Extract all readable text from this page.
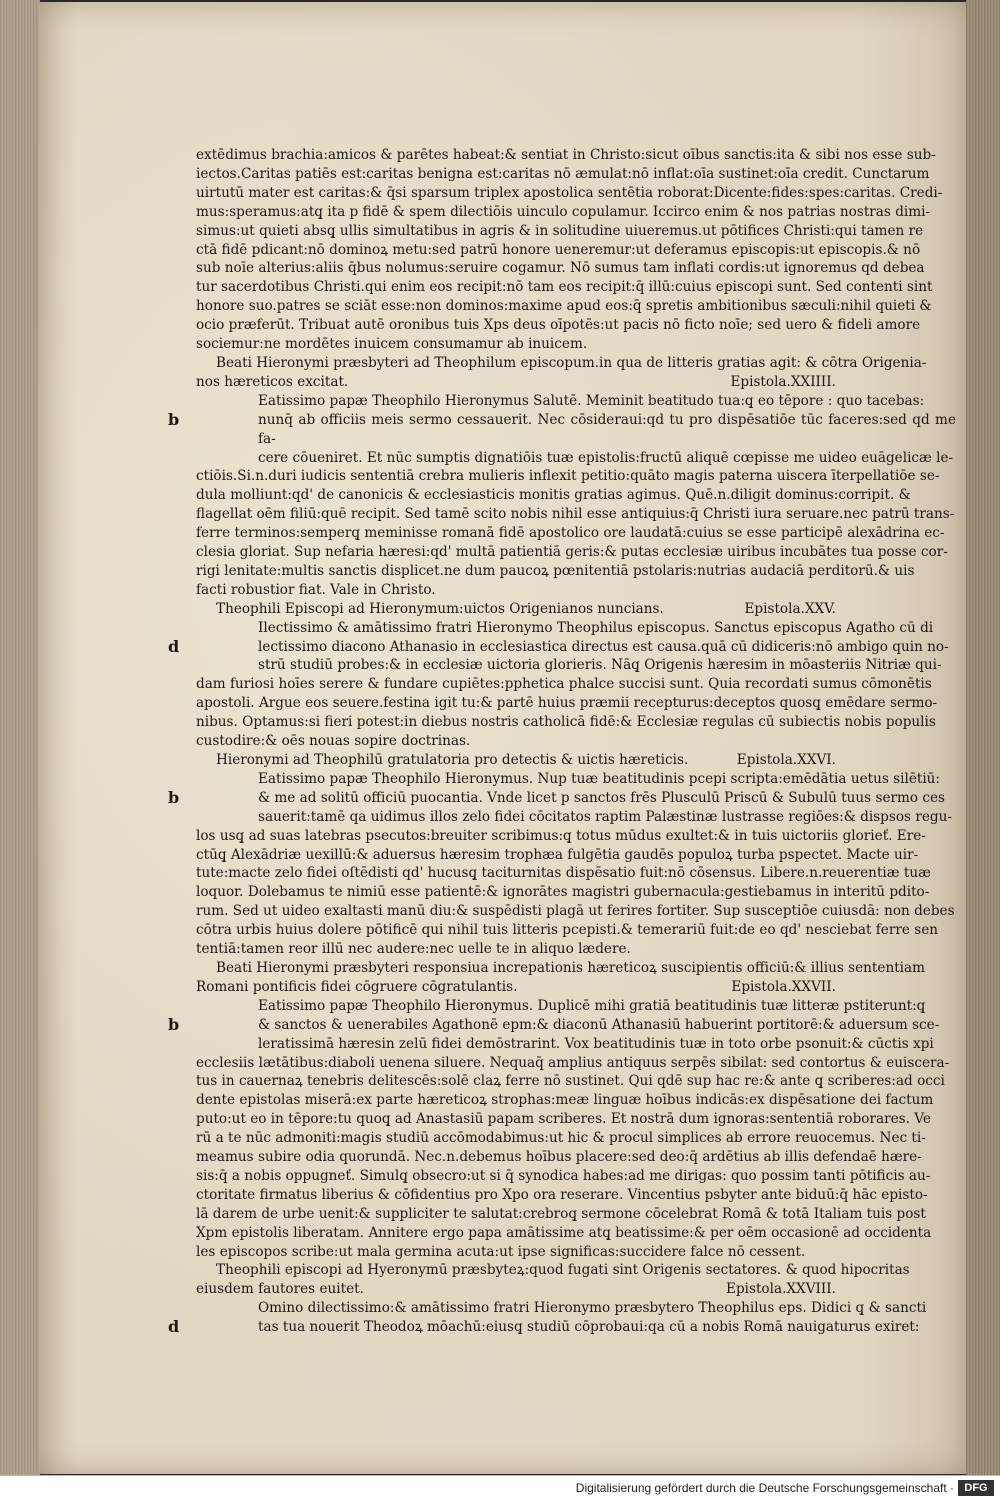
extēdimus brachia:amicos & parētes habeat:& sentiat in Christo:sicut oībus sanctis:ita & sibi nos esse sub-
iectos.Caritas patiēs est:caritas benigna est:caritas nō æmulat:nō inflat:oīa sustinet:oīa credit. Cunctarum
uirtutū mater est caritas:& q̄si sparsum triplex apostolica sentētia roborat:Dicente:fides:spes:caritas. Credi-
mus:speramus:atq̧ ita p fidē & spem dilectiōis uinculo copulamur. Iccirco enim & nos patrias nostras dimi-
simus:ut quieti absq̧ ullis simultatibus in agris & in solitudine uiueremus.ut pōtifices Christi:qui tamen re
ctā fidē pdicant:nō dominoꝝ metu:sed patrū honore ueneremur:ut deferamus episcopis:ut episcopis.& nō
sub noīe alterius:aliis q̄bus nolumus:seruire cogamur. Nō sumus tam inflati cordis:ut ignoremus qd debea
tur sacerdotibus Christi.qui enim eos recipit:nō tam eos recipit:q̄ illū:cuius episcopi sunt. Sed contenti sint
honore suo.patres se sciāt esse:non dominos:maxime apud eos:q̄ spretis ambitionibus sæculi:nihil quieti &
ocio præferūt. Tribuat autē oronibus tuis Xps deus oīpotēs:ut pacis nō ficto noīe; sed uero & fideli amore
sociemur:ne mordētes inuicem consumamur ab inuicem.
Beati Hieronymi præsbyteri ad Theophilum episcopum.in qua de litteris gratias agit: & cōtra Origenia-
nos hæreticos excitat.	Epistola.XXIIII.
b
Eatissimo papæ Theophilo Hieronymus Salutē. Meminit beatitudo tua:q̧ eo tēpore : quo tacebas:
nunq̄ ab officiis meis sermo cessauerit. Nec cōsideraui:qd tu pro dispēsatiōe tūc faceres:sed qd me fa-
cere cōueniret. Et nūc sumptis dignatiōis tuæ epistolis:fructū aliquē cœpisse me uideo euāgelicæ le-
ctiōis.Si.n.duri iudicis sententiā crebra mulieris inflexit petitio:quāto magis paterna uiscera īterpellatiōe se-
dula molliunt:qd' de canonicis & ecclesiasticis monitis gratias agimus. Quē.n.diligit dominus:corripit. &
flagellat oēm filiū:quē recipit. Sed tamē scito nobis nihil esse antiquius:q̄ Christi iura seruare.nec patrū trans-
ferre terminos:semperq̧ meminisse romanā fidē apostolico ore laudatā:cuius se esse participē alexādrina ec-
clesia gloriat. Sup nefaria hæresi:qd' multā patientiā geris:& putas ecclesiæ uiribus incubātes tua posse cor-
rigi lenitate:multis sanctis displicet.ne dum paucoꝝ pœnitentiā pstolaris:nutrias audaciā perditorū.& uis
facti robustior fiat. Vale in Christo.
Theophili Episcopi ad Hieronymum:uictos Origenianos nuncians.	Epistola.XXV.
d
Ilectissimo & amātissimo fratri Hieronymo Theophilus episcopus. Sanctus episcopus Agatho cū di
lectissimo diacono Athanasio in ecclesiastica directus est causa.quā cū didiceris:nō ambigo quin no-
strū studiū probes:& in ecclesiæ uictoria glorieris. Nāq̧ Origenis hæresim in mōasteriis Nitriæ qui-
dam furiosi hoīes serere & fundare cupiētes:pphetica phalce succisi sunt. Quia recordati sumus cōmonētis
apostoli. Argue eos seuere.festina igit tu:& partē huius præmii recepturus:deceptos quosq̧ emēdare sermo-
nibus. Optamus:si fieri potest:in diebus nostris catholicā fidē:& Ecclesiæ regulas cū subiectis nobis populis
custodire:& oēs nouas sopire doctrinas.
Hieronymi ad Theophilū gratulatoria pro detectis & uictis hæreticis.	Epistola.XXVI.
b
Eatissimo papæ Theophilo Hieronymus. Nup tuæ beatitudinis pcepi scripta:emēdātia uetus silētiū:
& me ad solitū officiū puocantia. Vnde licet p sanctos frēs Plusculū Priscū & Subulū tuus sermo ces
sauerit:tamē qa uidimus illos zelo fidei cōcitatos raptim Palæstinæ lustrasse regiōes:& dispsos regu-
los usq̧ ad suas latebras psecutos:breuiter scribimus:q̧ totus mūdus exultet:& in tuis uictoriis glorieť. Ere-
ctūq̧ Alexādriæ uexillū:& aduersus hæresim trophæa fulgētia gaudēs populoꝝ turba pspectet. Macte uir-
tute:macte zelo fidei oſtēdisti qd' hucusq̧ taciturnitas dispēsatio fuit:nō cōsensus. Libere.n.reuerentiæ tuæ
loquor. Dolebamus te nimiū esse patientē:& ignorātes magistri gubernacula:gestiebamus in interitū pdito-
rum. Sed ut uideo exaltasti manū diu:& suspēdisti plagā ut ferires fortiter. Sup susceptiōe cuiusdā: non debes
cōtra urbis huius dolere pōtificē qui nihil tuis litteris pcepisti.& temerariū fuit:de eo qd' nesciebat ferre sen
tentiā:tamen reor illū nec audere:nec uelle te in aliquo lædere.
Beati Hieronymi præsbyteri responsiua increpationis hæreticoꝝ suscipientis officiū:& illius sententiam
Romani pontificis fidei cōgruere cōgratulantis.	Epistola.XXVII.
b
Eatissimo papæ Theophilo Hieronymus. Duplicē mihi gratiā beatitudinis tuæ litteræ pstiterunt:q̧
& sanctos & uenerabiles Agathonē epm:& diaconū Athanasiū habuerint portitorē:& aduersum sce-
leratissimā hæresin zelū fidei demōstrarint. Vox beatitudinis tuæ in toto orbe psonuit:& cūctis xpi
ecclesiis lætātibus:diaboli uenena siluere. Nequaq̄ amplius antiquus serpēs sibilat: sed contortus & euiscera-
tus in cauernaꝝ tenebris delitescēs:solē claꝝ ferre nō sustinet. Qui qdē sup hac re:& ante q̧ scriberes:ad occi
dente epistolas miserā:ex parte hæreticoꝝ strophas:meæ linguæ hoībus indicās:ex dispēsatione dei factum
puto:ut eo in tēpore:tu quoq̧ ad Anastasiū papam scriberes. Et nostrā dum ignoras:sententiā roborares. Ve
rū a te nūc admoniti:magis studiū accōmodabimus:ut hic & procul simplices ab errore reuocemus. Nec ti-
meamus subire odia quorundā. Nec.n.debemus hoībus placere:sed deo:q̄ ardētius ab illis defendaē hære-
sis:q̄ a nobis oppugneť. Simulq̧ obsecro:ut si q̄ synodica habes:ad me dirigas: quo possim tanti pōtificis au-
ctoritate firmatus liberius & cōfidentius pro Xpo ora reserare. Vincentius psbyter ante biduū:q̄ hāc episto-
lā darem de urbe uenit:& suppliciter te salutat:crebroq̧ sermone cōcelebrat Romā & totā Italiam tuis post
Xpm epistolis liberatam. Annitere ergo papa amātissime atq̧ beatissime:& per oēm occasionē ad occidenta
les episcopos scribe:ut mala germina acuta:ut ipse significas:succidere falce nō cessent.
Theophili episcopi ad Hyeronymū præsbyteꝝ:quod fugati sint Origenis sectatores. & quod hipocritas
eiusdem fautores euitet.	Epistola.XXVIII.
d
Omino dilectissimo:& amātissimo fratri Hieronymo præsbytero Theophilus eps. Didici q̧ & sancti
tas tua nouerit Theodoꝝ mōachū:eiusq̧ studiū cōprobaui:qa cū a nobis Romā nauigaturus exiret:
Digitalisierung gefördert durch die Deutsche Forschungsgemeinschaft · DFG
